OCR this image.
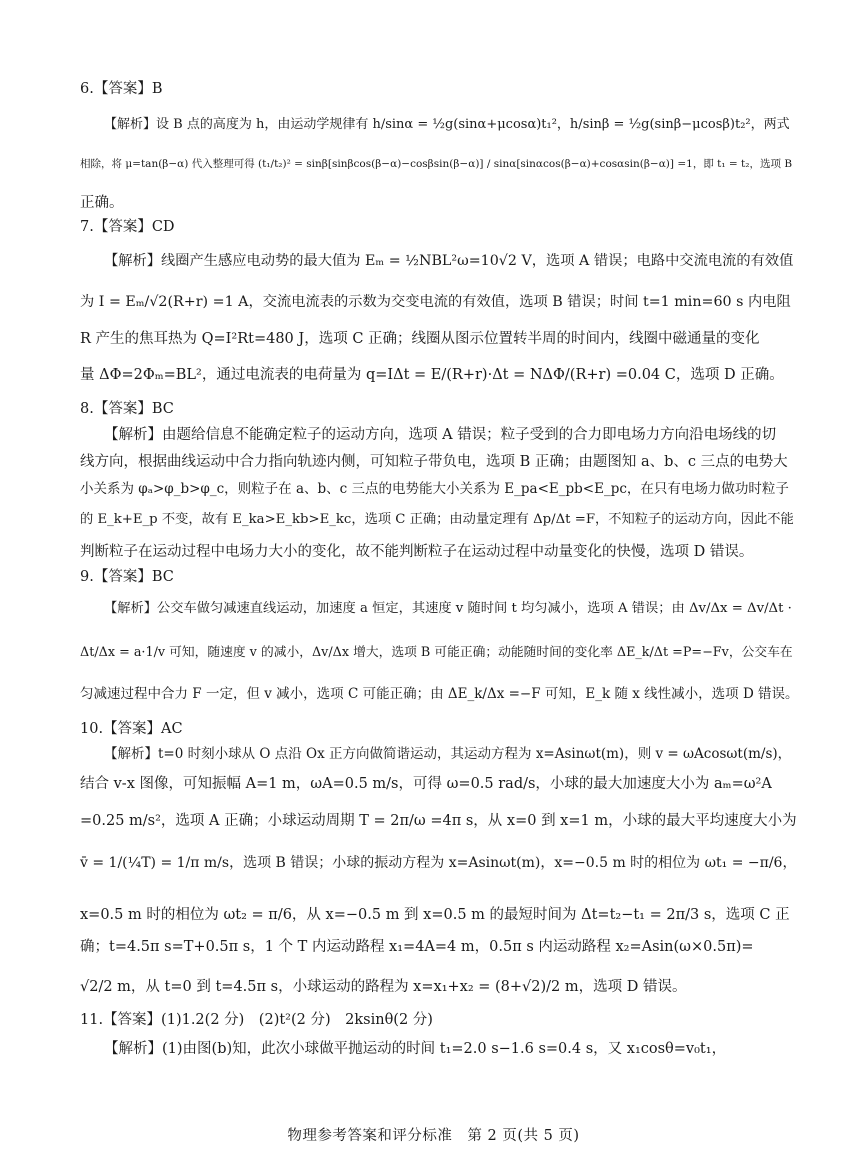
6.【答案】B
【解析】设 B 点的高度为 h，由运动学规律有 h/sinα = ½g(sinα+μcosα)t₁²，h/sinβ = ½g(sinβ−μcosβ)t₂²，两式
相除，将 μ=tan(β−α) 代入整理可得 (t₁/t₂)² = sinβ[sinβcos(β−α)−cosβsin(β−α)] / sinα[sinαcos(β−α)+cosαsin(β−α)] =1，即 t₁ = t₂，选项 B
正确。
7.【答案】CD
【解析】线圈产生感应电动势的最大值为 Eₘ = ½NBL²ω=10√2 V，选项 A 错误；电路中交流电流的有效值
为 I = Eₘ/√2(R+r) =1 A，交流电流表的示数为交变电流的有效值，选项 B 错误；时间 t=1 min=60 s 内电阻
R 产生的焦耳热为 Q=I²Rt=480 J，选项 C 正确；线圈从图示位置转半周的时间内，线圈中磁通量的变化
量 ΔΦ=2Φₘ=BL²，通过电流表的电荷量为 q=IΔt = E/(R+r)·Δt = NΔΦ/(R+r) =0.04 C，选项 D 正确。
8.【答案】BC
【解析】由题给信息不能确定粒子的运动方向，选项 A 错误；粒子受到的合力即电场力方向沿电场线的切
线方向，根据曲线运动中合力指向轨迹内侧，可知粒子带负电，选项 B 正确；由题图知 a、b、c 三点的电势大
小关系为 φₐ>φ_b>φ_c，则粒子在 a、b、c 三点的电势能大小关系为 E_pa<E_pb<E_pc，在只有电场力做功时粒子
的 E_k+E_p 不变，故有 E_ka>E_kb>E_kc，选项 C 正确；由动量定理有 Δp/Δt =F，不知粒子的运动方向，因此不能
判断粒子在运动过程中电场力大小的变化，故不能判断粒子在运动过程中动量变化的快慢，选项 D 错误。
9.【答案】BC
【解析】公交车做匀减速直线运动，加速度 a 恒定，其速度 v 随时间 t 均匀减小，选项 A 错误；由 Δv/Δx = Δv/Δt ·
Δt/Δx = a·1/v 可知，随速度 v 的减小，Δv/Δx 增大，选项 B 可能正确；动能随时间的变化率 ΔE_k/Δt =P=−Fv，公交车在
匀减速过程中合力 F 一定，但 v 减小，选项 C 可能正确；由 ΔE_k/Δx =−F 可知，E_k 随 x 线性减小，选项 D 错误。
10.【答案】AC
【解析】t=0 时刻小球从 O 点沿 Ox 正方向做简谐运动，其运动方程为 x=Asinωt(m)，则 v = ωAcosωt(m/s)，
结合 v-x 图像，可知振幅 A=1 m，ωA=0.5 m/s，可得 ω=0.5 rad/s，小球的最大加速度大小为 aₘ=ω²A
=0.25 m/s²，选项 A 正确；小球运动周期 T = 2π/ω =4π s，从 x=0 到 x=1 m，小球的最大平均速度大小为
v̄ = 1/(¼T) = 1/π m/s，选项 B 错误；小球的振动方程为 x=Asinωt(m)，x=−0.5 m 时的相位为 ωt₁ = −π/6，
x=0.5 m 时的相位为 ωt₂ = π/6，从 x=−0.5 m 到 x=0.5 m 的最短时间为 Δt=t₂−t₁ = 2π/3 s，选项 C 正
确；t=4.5π s=T+0.5π s，1 个 T 内运动路程 x₁=4A=4 m，0.5π s 内运动路程 x₂=Asin(ω×0.5π)=
√2/2 m，从 t=0 到 t=4.5π s，小球运动的路程为 x=x₁+x₂ = (8+√2)/2 m，选项 D 错误。
11.【答案】(1)1.2(2 分)　(2)t²(2 分)　2ksinθ(2 分)
【解析】(1)由图(b)知，此次小球做平抛运动的时间 t₁=2.0 s−1.6 s=0.4 s，又 x₁cosθ=v₀t₁，
物理参考答案和评分标准　第 2 页(共 5 页)
